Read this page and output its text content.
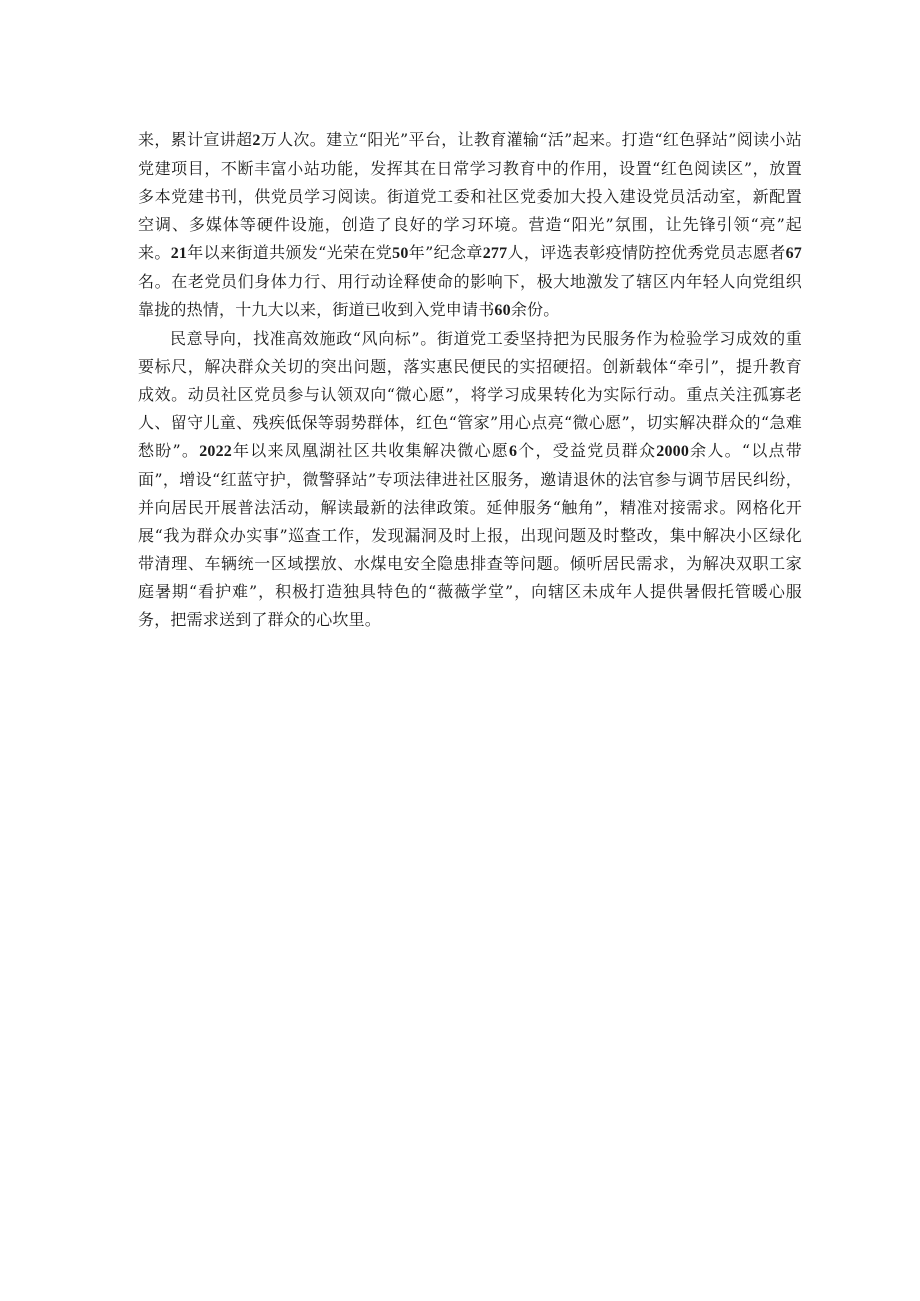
来，累计宣讲超2万人次。建立“阳光”平台，让教育灌输“活”起来。打造“红色驿站”阅读小站党建项目，不断丰富小站功能，发挥其在日常学习教育中的作用，设置“红色阅读区”，放置多本党建书刊，供党员学习阅读。街道党工委和社区党委加大投入建设党员活动室，新配置空调、多媒体等硬件设施，创造了良好的学习环境。营造“阳光”氛围，让先锋引领“亮”起来。21年以来街道共颁发“光荣在党50年”纪念章277人，评选表彰疫情防控优秀党员志愿者67名。在老党员们身体力行、用行动诠释使命的影响下，极大地激发了辖区内年轻人向党组织靠拢的热情，十九大以来，街道已收到入党申请书60余份。

民意导向，找准高效施政“风向标”。街道党工委坚持把为民服务作为检验学习成效的重要标尺，解决群众关切的突出问题，落实惠民便民的实招硬招。创新载体“牵引”，提升教育成效。动员社区党员参与认领双向“微心愿”，将学习成果转化为实际行动。重点关注孤寡老人、留守儿童、残疾低保等弱势群体，红色“管家”用心点亮“微心愿”，切实解决群众的“急难愁盼”。2022年以来凤凰湖社区共收集解决微心愿6个，受益党员群众2000余人。“以点带面”，增设“红蓝守护，微警驿站”专项法律进社区服务，邀请退休的法官参与调节居民纠纷，并向居民开展普法活动，解读最新的法律政策。延伸服务“触角”，精准对接需求。网格化开展“我为群众办实事”巡查工作，发现漏洞及时上报，出现问题及时整改，集中解决小区绿化带清理、车辆统一区域摆放、水煤电安全隐患排查等问题。倾听居民需求，为解决双职工家庭暑期“看护难”，积极打造独具特色的“薇薇学堂”，向辖区未成年人提供暑假托管暖心服务，把需求送到了群众的心坎里。
